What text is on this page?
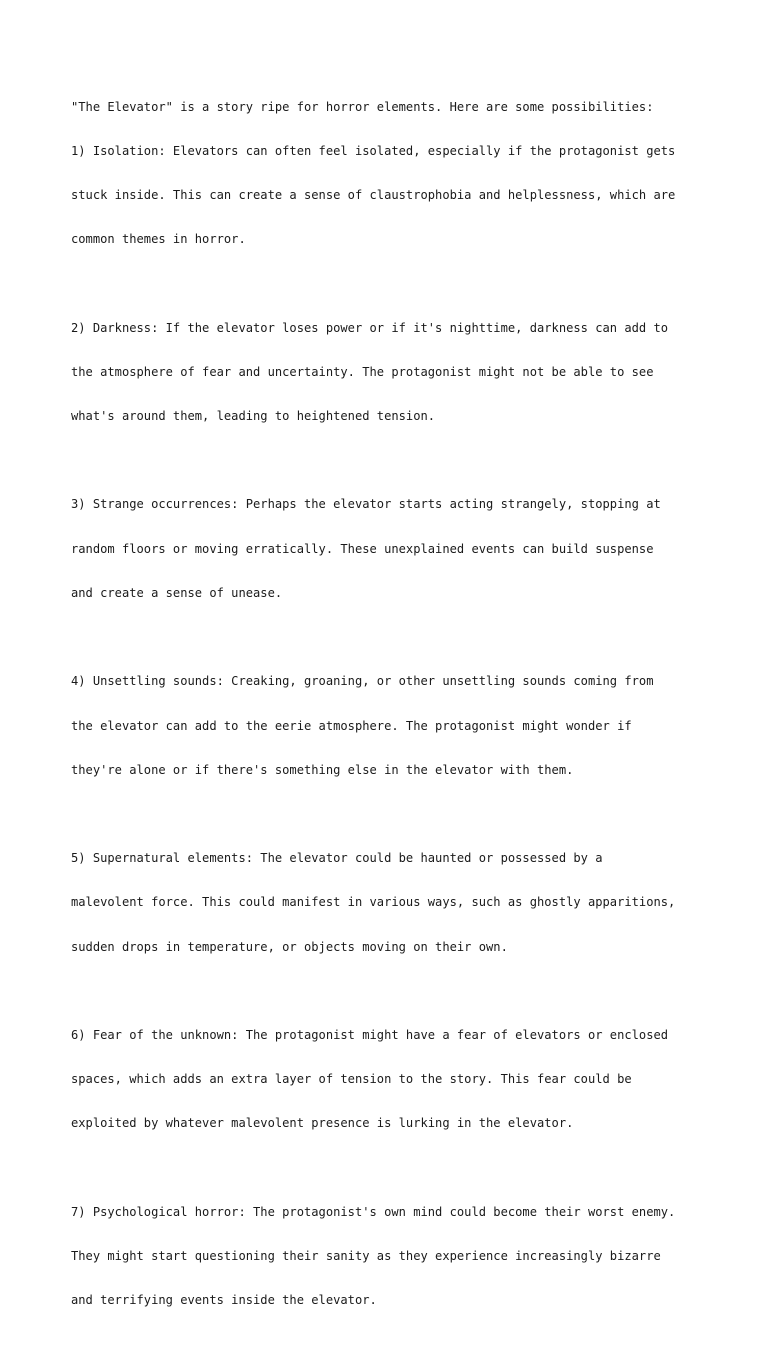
"The Elevator" is a story ripe for horror elements. Here are some possibilities:

1) Isolation: Elevators can often feel isolated, especially if the protagonist gets

stuck inside. This can create a sense of claustrophobia and helplessness, which are

common themes in horror.

2) Darkness: If the elevator loses power or if it's nighttime, darkness can add to

the atmosphere of fear and uncertainty. The protagonist might not be able to see

what's around them, leading to heightened tension.

3) Strange occurrences: Perhaps the elevator starts acting strangely, stopping at

random floors or moving erratically. These unexplained events can build suspense

and create a sense of unease.

4) Unsettling sounds: Creaking, groaning, or other unsettling sounds coming from

the elevator can add to the eerie atmosphere. The protagonist might wonder if

they're alone or if there's something else in the elevator with them.

5) Supernatural elements: The elevator could be haunted or possessed by a

malevolent force. This could manifest in various ways, such as ghostly apparitions,

sudden drops in temperature, or objects moving on their own.

6) Fear of the unknown: The protagonist might have a fear of elevators or enclosed

spaces, which adds an extra layer of tension to the story. This fear could be

exploited by whatever malevolent presence is lurking in the elevator.

7) Psychological horror: The protagonist's own mind could become their worst enemy.

They might start questioning their sanity as they experience increasingly bizarre

and terrifying events inside the elevator.
